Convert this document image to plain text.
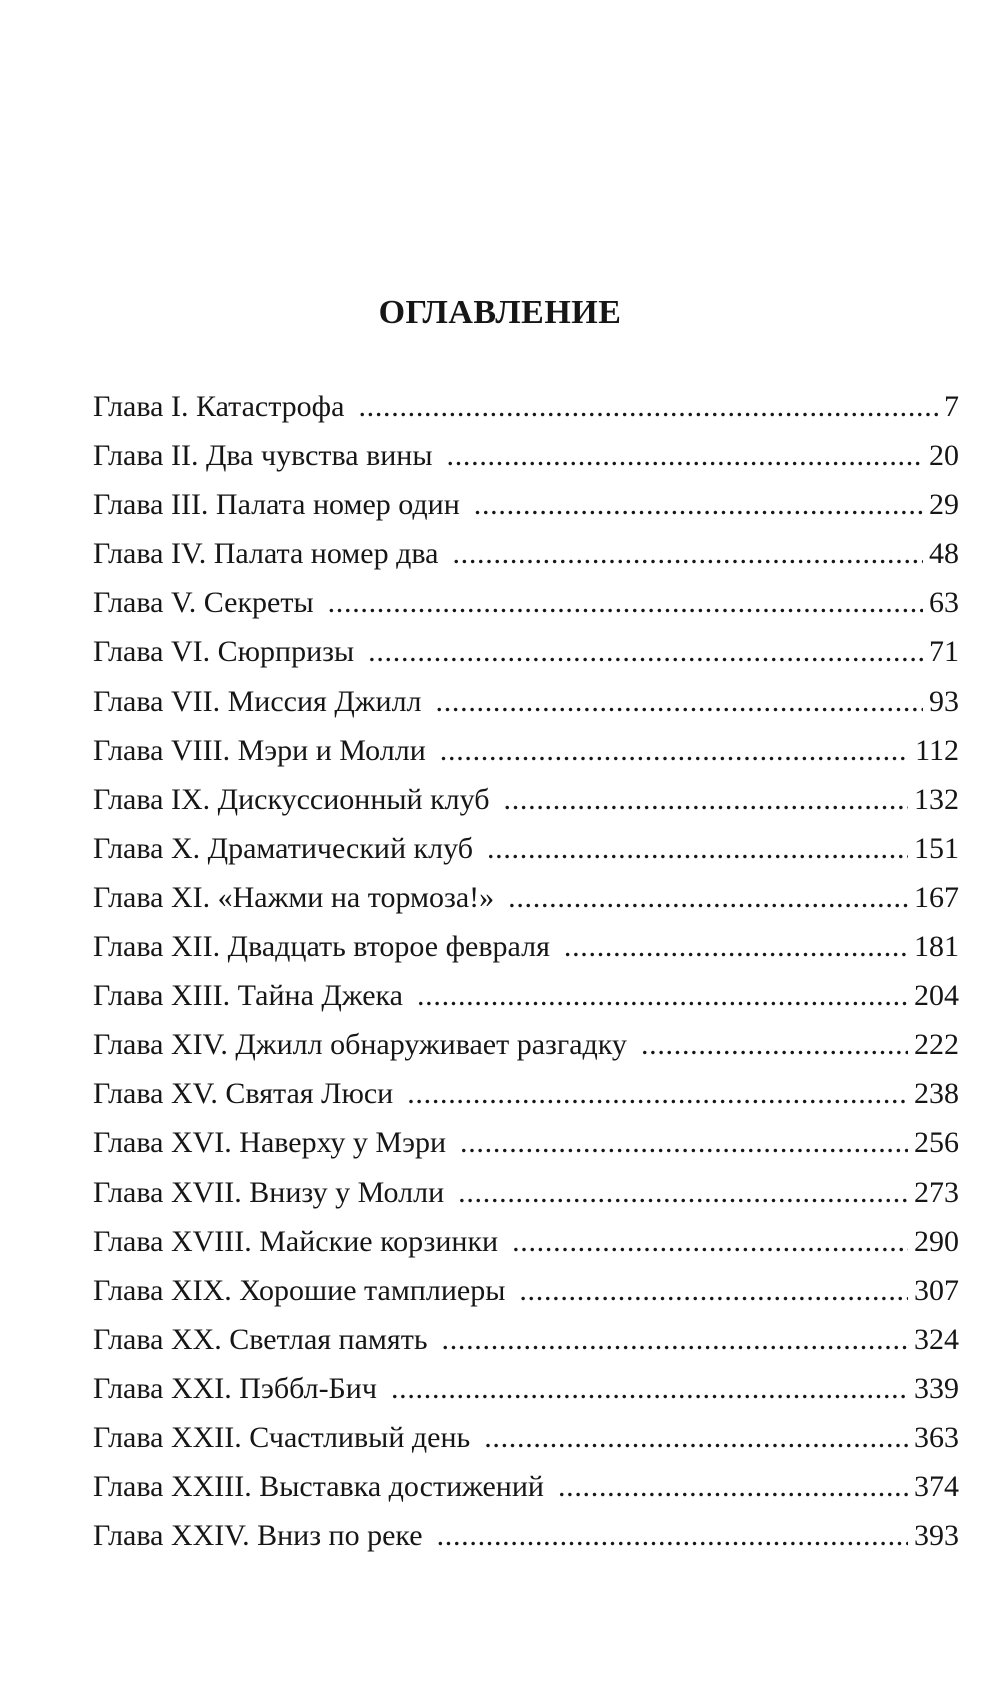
ОГЛАВЛЕНИЕ
Глава I. Катастрофа . . .	7
Глава II. Два чувства вины . . .	20
Глава III. Палата номер один . . .	29
Глава IV. Палата номер два . . .	48
Глава V. Секреты . . .	63
Глава VI. Сюрпризы . . .	71
Глава VII. Миссия Джилл . . .	93
Глава VIII. Мэри и Молли . . .	112
Глава IX. Дискуссионный клуб . . .	132
Глава X. Драматический клуб . . .	151
Глава XI. «Нажми на тормоза!» . . .	167
Глава XII. Двадцать второе февраля . . .	181
Глава XIII. Тайна Джека . . .	204
Глава XIV. Джилл обнаруживает разгадку . . .	222
Глава XV. Святая Люси . . .	238
Глава XVI. Наверху у Мэри . . .	256
Глава XVII. Внизу у Молли . . .	273
Глава XVIII. Майские корзинки . . .	290
Глава XIX. Хорошие тамплиеры . . .	307
Глава XX. Светлая память . . .	324
Глава XXI. Пэббл-Бич . . .	339
Глава XXII. Счастливый день . . .	363
Глава XXIII. Выставка достижений . . .	374
Глава XXIV. Вниз по реке . . .	393
